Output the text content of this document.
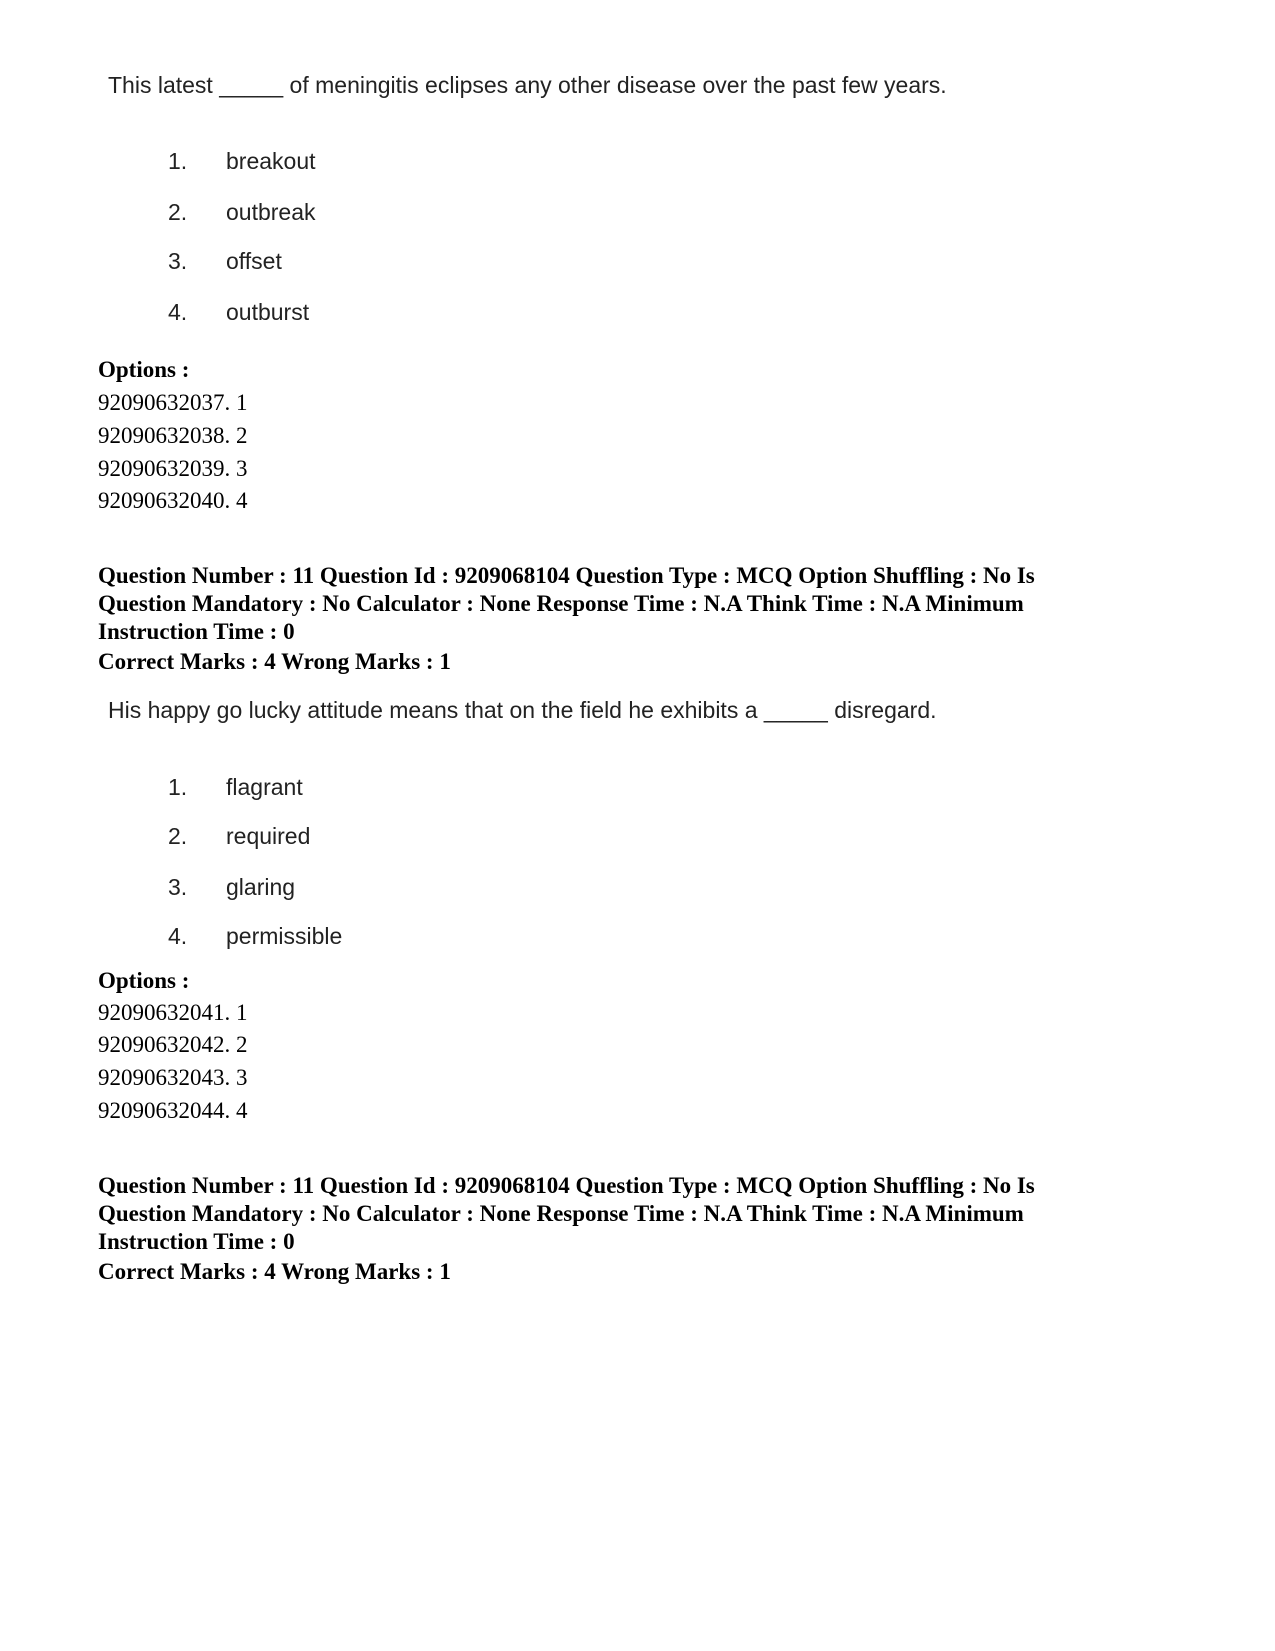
This latest _____ of meningitis eclipses any other disease over the past few years.

1.	breakout
2.	outbreak
3.	offset
4.	outburst
Options :
92090632037. 1
92090632038. 2
92090632039. 3
92090632040. 4

Question Number : 11 Question Id : 9209068104 Question Type : MCQ Option Shuffling : No Is Question Mandatory : No Calculator : None Response Time : N.A Think Time : N.A Minimum Instruction Time : 0

Correct Marks : 4 Wrong Marks : 1

His happy go lucky attitude means that on the field he exhibits a _____ disregard.

1.	flagrant
2.	required
3.	glaring
4.	permissible
Options :
92090632041. 1
92090632042. 2
92090632043. 3
92090632044. 4

Question Number : 11 Question Id : 9209068104 Question Type : MCQ Option Shuffling : No Is Question Mandatory : No Calculator : None Response Time : N.A Think Time : N.A Minimum Instruction Time : 0

Correct Marks : 4 Wrong Marks : 1
